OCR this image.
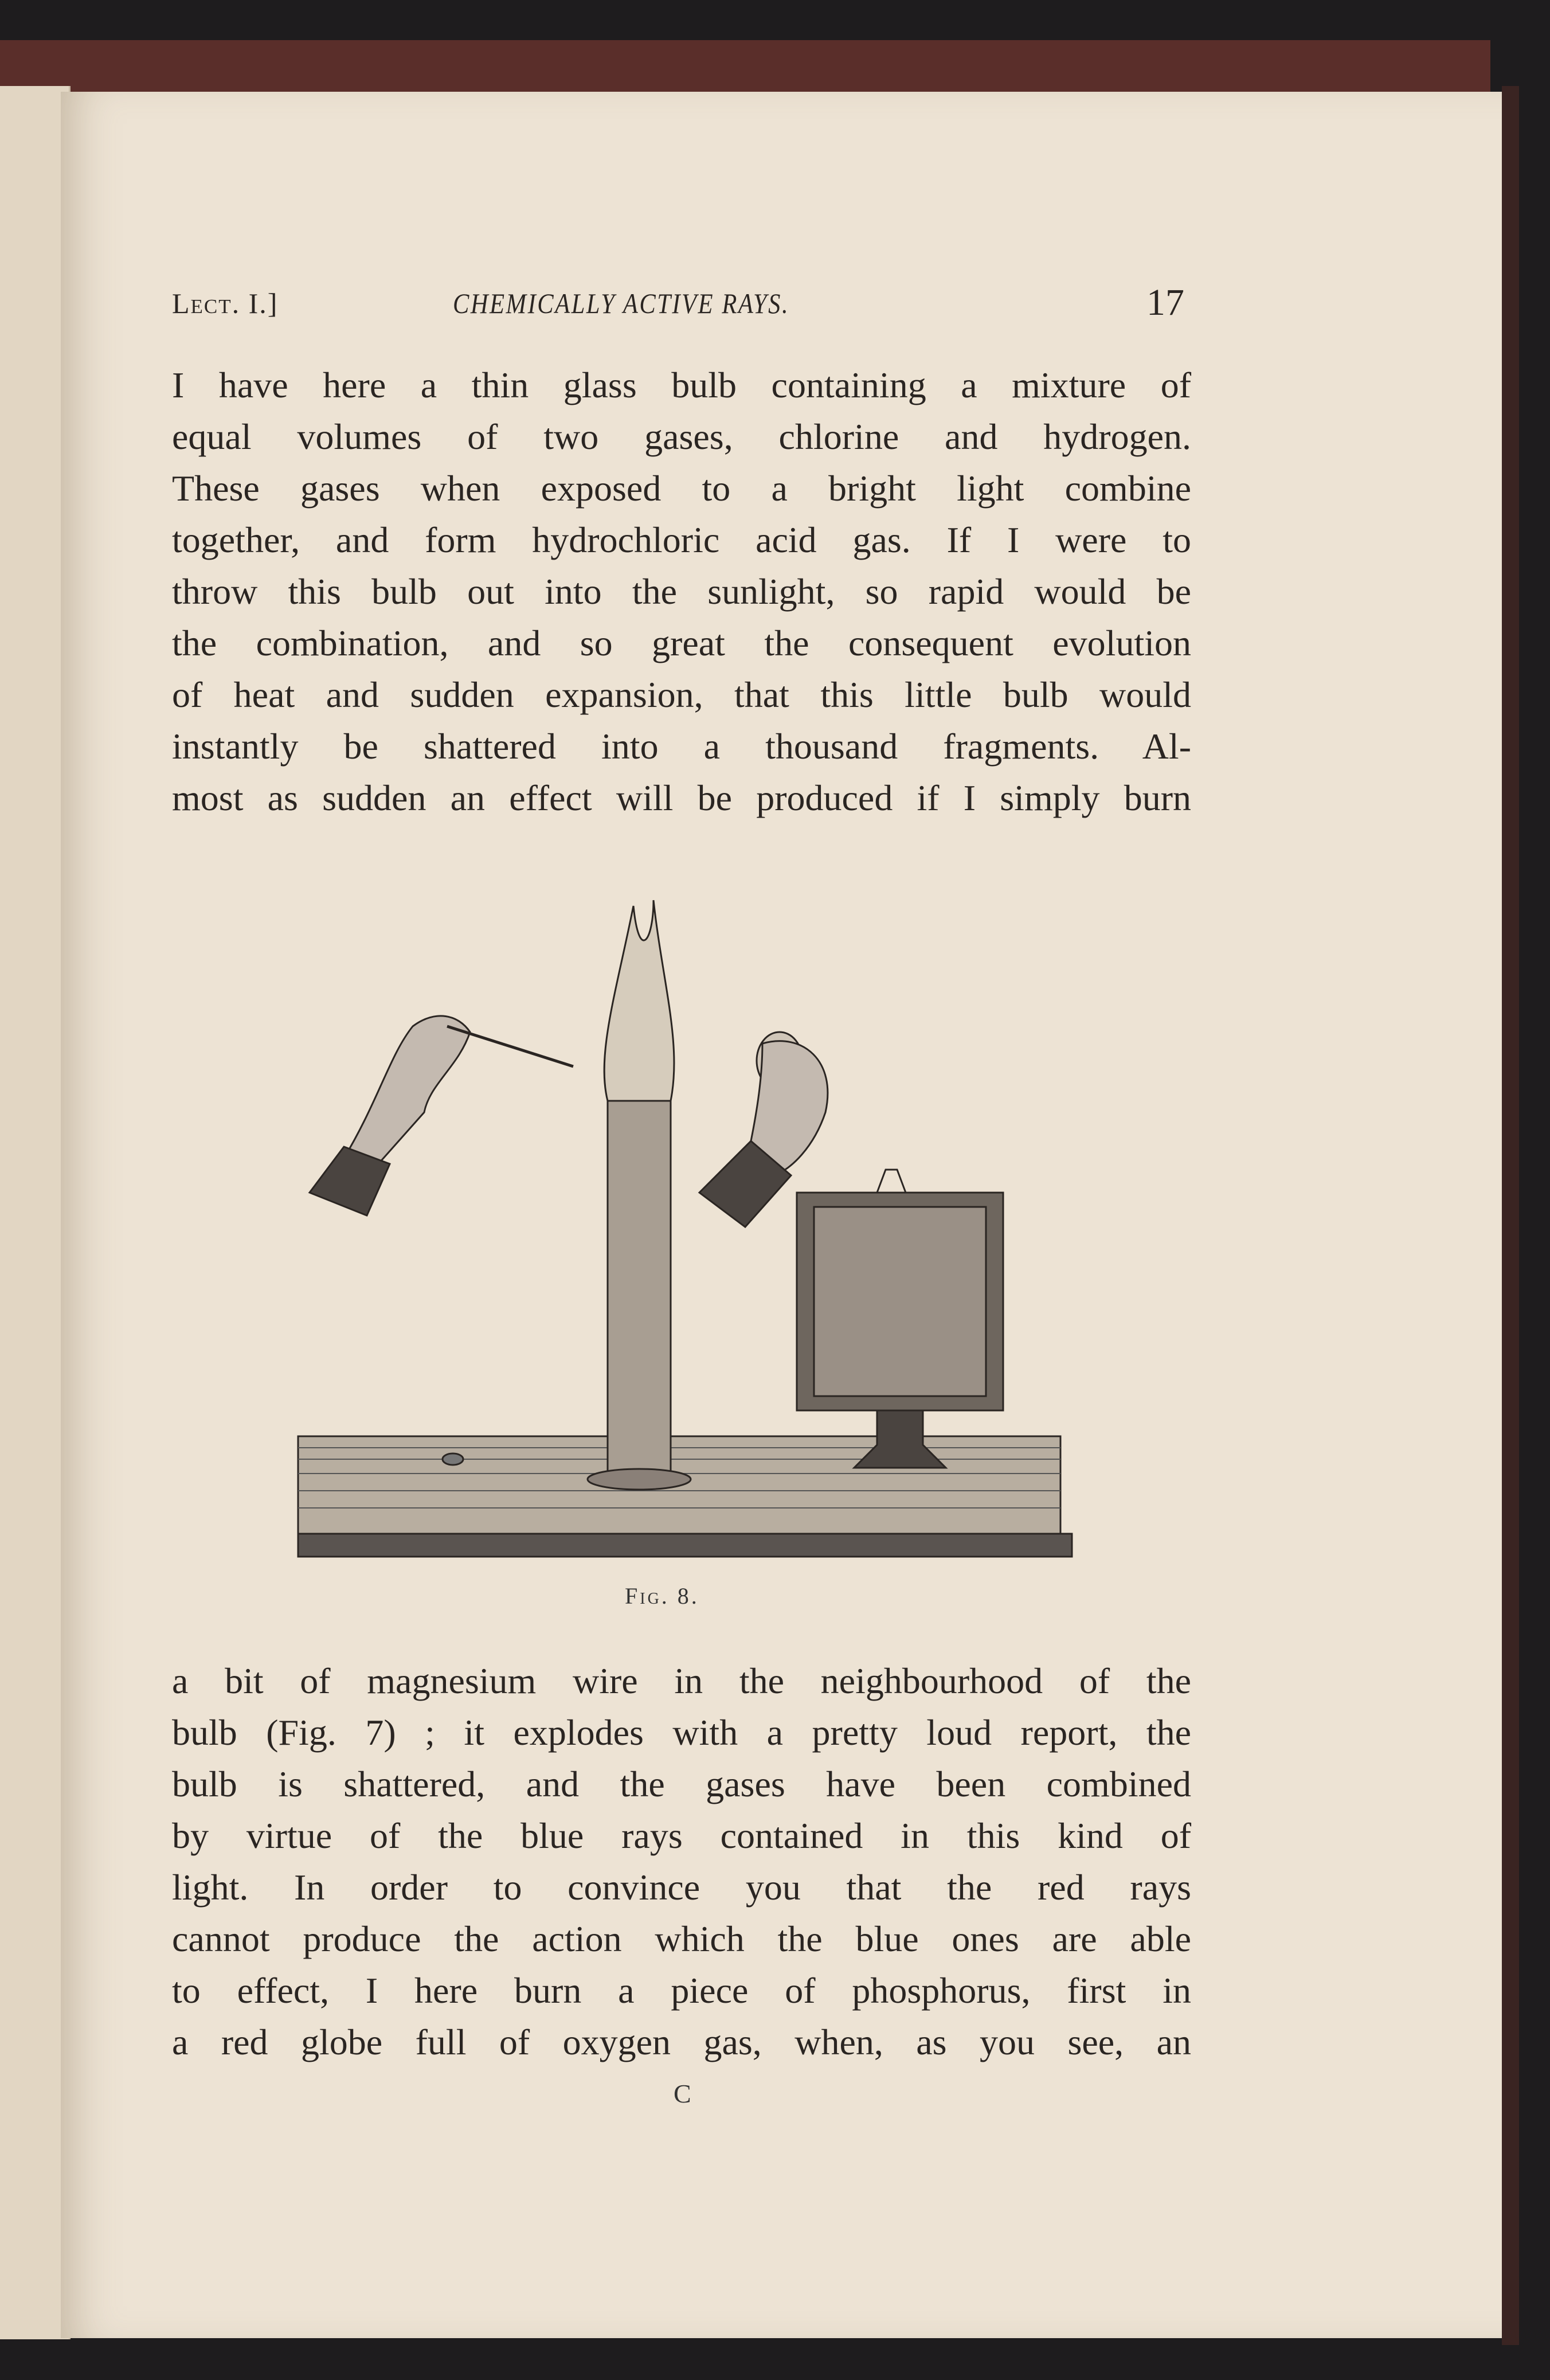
Lect. I.]	CHEMICALLY ACTIVE RAYS.	17
I have here a thin glass bulb containing a mixture of
equal volumes of two gases, chlorine and hydrogen.
These gases when exposed to a bright light combine
together, and form hydrochloric acid gas. If I were to
throw this bulb out into the sunlight, so rapid would be
the combination, and so great the consequent evolution
of heat and sudden expansion, that this little bulb would
instantly be shattered into a thousand fragments. Al-
most as sudden an effect will be produced if I simply burn
Fig. 8.
a bit of magnesium wire in the neighbourhood of the
bulb (Fig. 7) ; it explodes with a pretty loud report, the
bulb is shattered, and the gases have been combined
by virtue of the blue rays contained in this kind of
light. In order to convince you that the red rays
cannot produce the action which the blue ones are able
to effect, I here burn a piece of phosphorus, first in
a red globe full of oxygen gas, when, as you see, an
C
